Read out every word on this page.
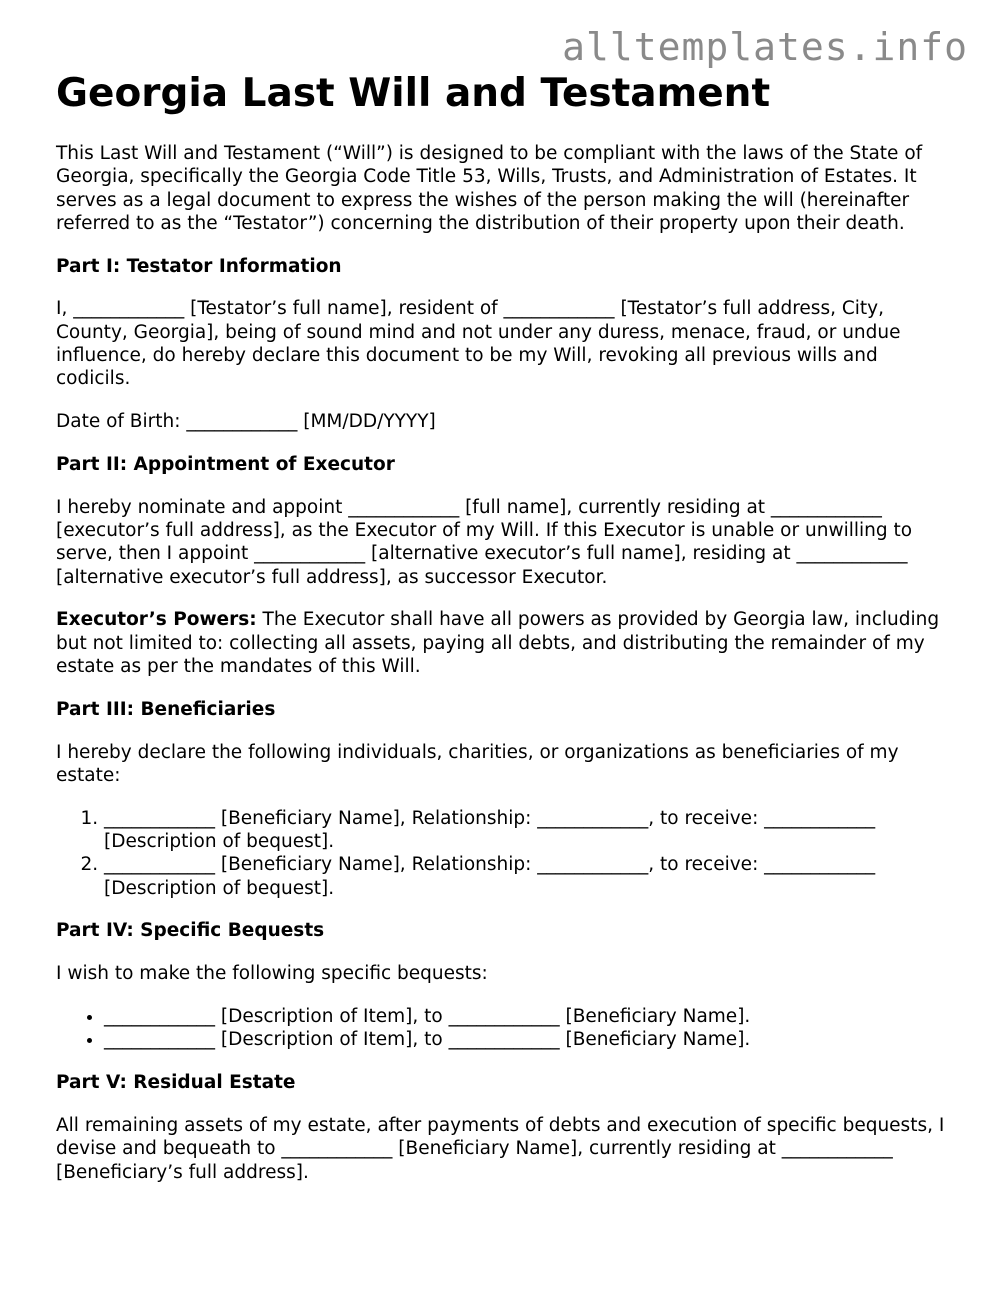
alltemplates.info
Georgia Last Will and Testament

This Last Will and Testament (“Will”) is designed to be compliant with the laws of the State of Georgia, specifically the Georgia Code Title 53, Wills, Trusts, and Administration of Estates. It serves as a legal document to express the wishes of the person making the will (hereinafter referred to as the “Testator”) concerning the distribution of their property upon their death.

Part I: Testator Information

I, ____________ [Testator’s full name], resident of ____________ [Testator’s full address, City, County, Georgia], being of sound mind and not under any duress, menace, fraud, or undue influence, do hereby declare this document to be my Will, revoking all previous wills and codicils.

Date of Birth: ____________ [MM/DD/YYYY]

Part II: Appointment of Executor

I hereby nominate and appoint ____________ [full name], currently residing at ____________ [executor’s full address], as the Executor of my Will. If this Executor is unable or unwilling to serve, then I appoint ____________ [alternative executor’s full name], residing at ____________ [alternative executor’s full address], as successor Executor.

Executor’s Powers: The Executor shall have all powers as provided by Georgia law, including but not limited to: collecting all assets, paying all debts, and distributing the remainder of my estate as per the mandates of this Will.

Part III: Beneficiaries

I hereby declare the following individuals, charities, or organizations as beneficiaries of my estate:

1. ____________ [Beneficiary Name], Relationship: ____________, to receive: ____________ [Description of bequest].
2. ____________ [Beneficiary Name], Relationship: ____________, to receive: ____________ [Description of bequest].

Part IV: Specific Bequests

I wish to make the following specific bequests:

• ____________ [Description of Item], to ____________ [Beneficiary Name].
• ____________ [Description of Item], to ____________ [Beneficiary Name].

Part V: Residual Estate

All remaining assets of my estate, after payments of debts and execution of specific bequests, I devise and bequeath to ____________ [Beneficiary Name], currently residing at ____________ [Beneficiary’s full address].
